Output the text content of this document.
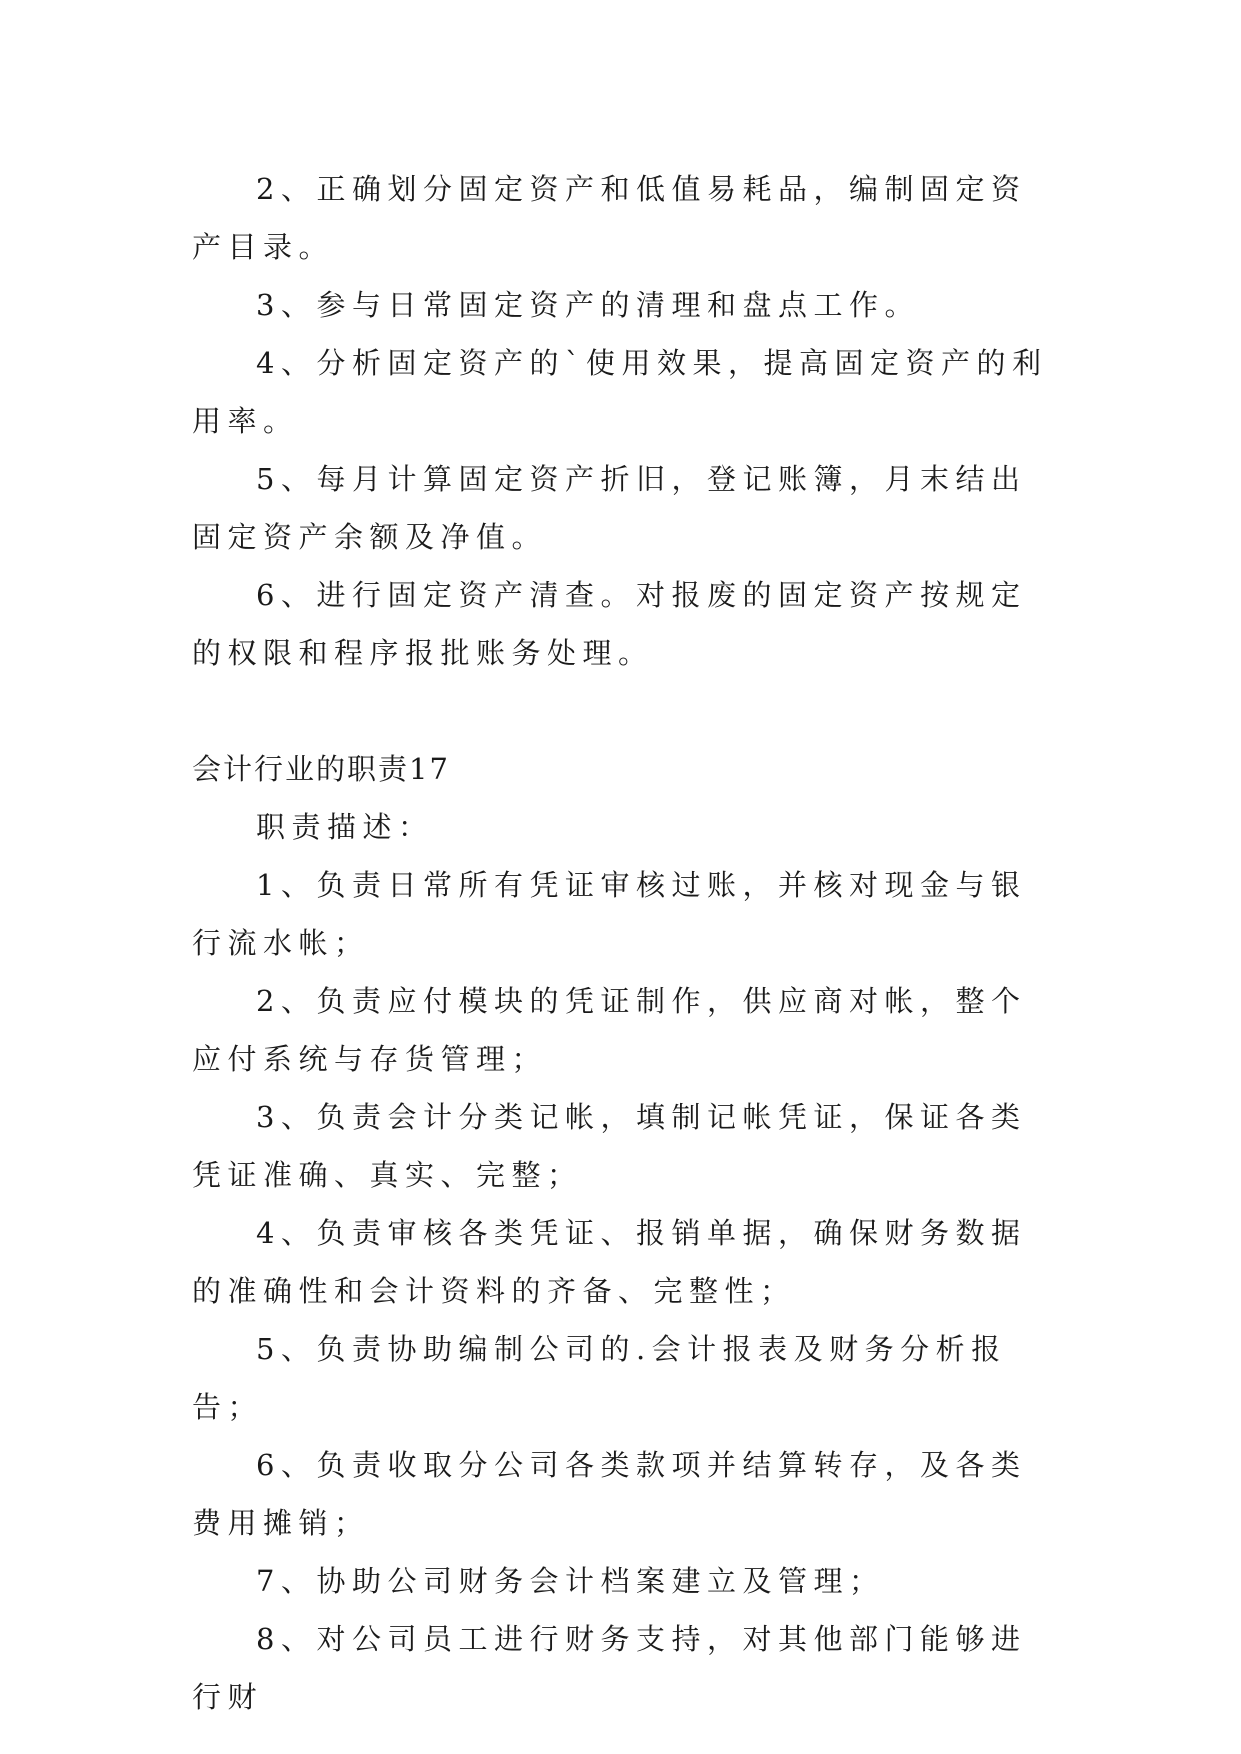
2、正确划分固定资产和低值易耗品，编制固定资产目录。

3、参与日常固定资产的清理和盘点工作。

4、分析固定资产的`使用效果，提高固定资产的利用率。

5、每月计算固定资产折旧，登记账簿，月末结出固定资产余额及净值。

6、进行固定资产清查。对报废的固定资产按规定的权限和程序报批账务处理。

会计行业的职责17

职责描述：

1、负责日常所有凭证审核过账，并核对现金与银行流水帐；

2、负责应付模块的凭证制作，供应商对帐，整个应付系统与存货管理；

3、负责会计分类记帐，填制记帐凭证，保证各类凭证准确、真实、完整；

4、负责审核各类凭证、报销单据，确保财务数据的准确性和会计资料的齐备、完整性；

5、负责协助编制公司的.会计报表及财务分析报告；

6、负责收取分公司各类款项并结算转存，及各类费用摊销；

7、协助公司财务会计档案建立及管理；

8、对公司员工进行财务支持，对其他部门能够进行财
